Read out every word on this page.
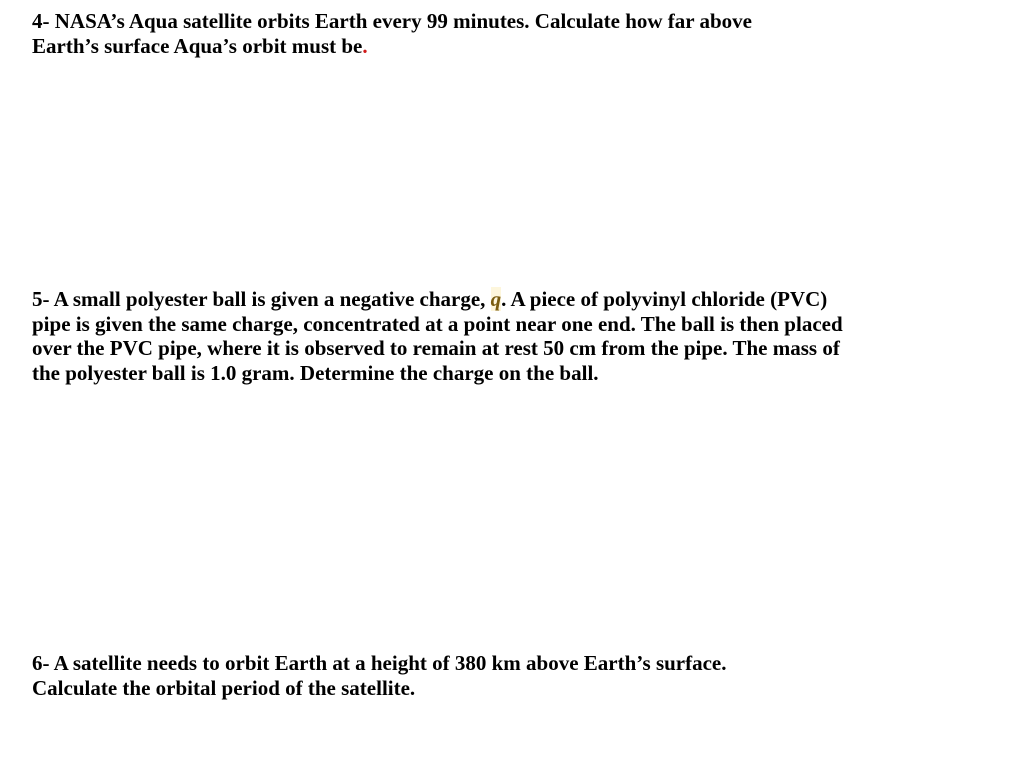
4- NASA’s Aqua satellite orbits Earth every 99 minutes. Calculate how far above
Earth’s surface Aqua’s orbit must be.
5- A small polyester ball is given a negative charge, q. A piece of polyvinyl chloride (PVC)
pipe is given the same charge, concentrated at a point near one end. The ball is then placed
over the PVC pipe, where it is observed to remain at rest 50 cm from the pipe. The mass of
the polyester ball is 1.0 gram. Determine the charge on the ball.
6- A satellite needs to orbit Earth at a height of 380 km above Earth’s surface.
Calculate the orbital period of the satellite.
